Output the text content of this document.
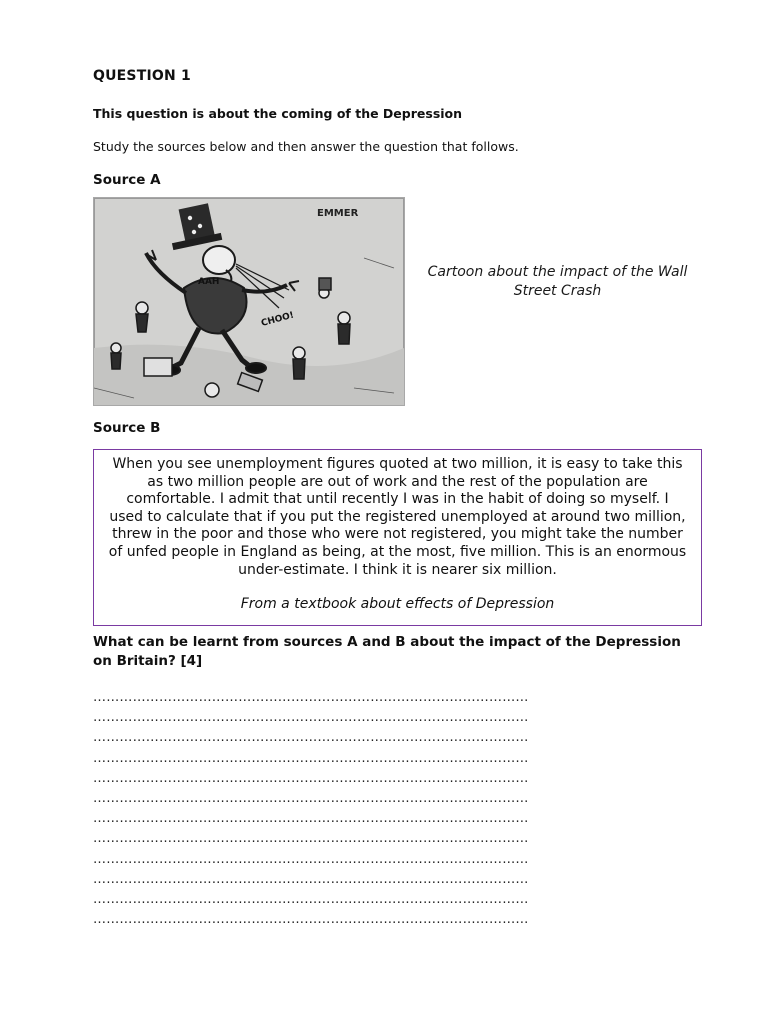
QUESTION 1
This question is about the coming of the Depression
Study the sources below and then answer the question that follows.
Source A
EMMER
AAH
CHOO!
Cartoon about the impact of the Wall Street Crash
Source B

When you see unemployment figures quoted at two million, it is easy to take this as two million people are out of work and the rest of the population are comfortable. I admit that until recently I was in the habit of doing so myself. I used to calculate that if you put the registered unemployed at around two million, threw in the poor and those who were not registered, you might take the number of unfed people in England as being, at the most, five million. This is an enormous under-estimate. I think it is nearer six million.

From a textbook about effects of Depression
What can be learnt from sources A and B about the impact of the Depression on Britain? [4]
………………………………………………………………………………………
………………………………………………………………………………………
………………………………………………………………………………………
………………………………………………………………………………………
………………………………………………………………………………………
………………………………………………………………………………………
………………………………………………………………………………………
………………………………………………………………………………………
………………………………………………………………………………………
………………………………………………………………………………………
………………………………………………………………………………………
………………………………………………………………………………………
